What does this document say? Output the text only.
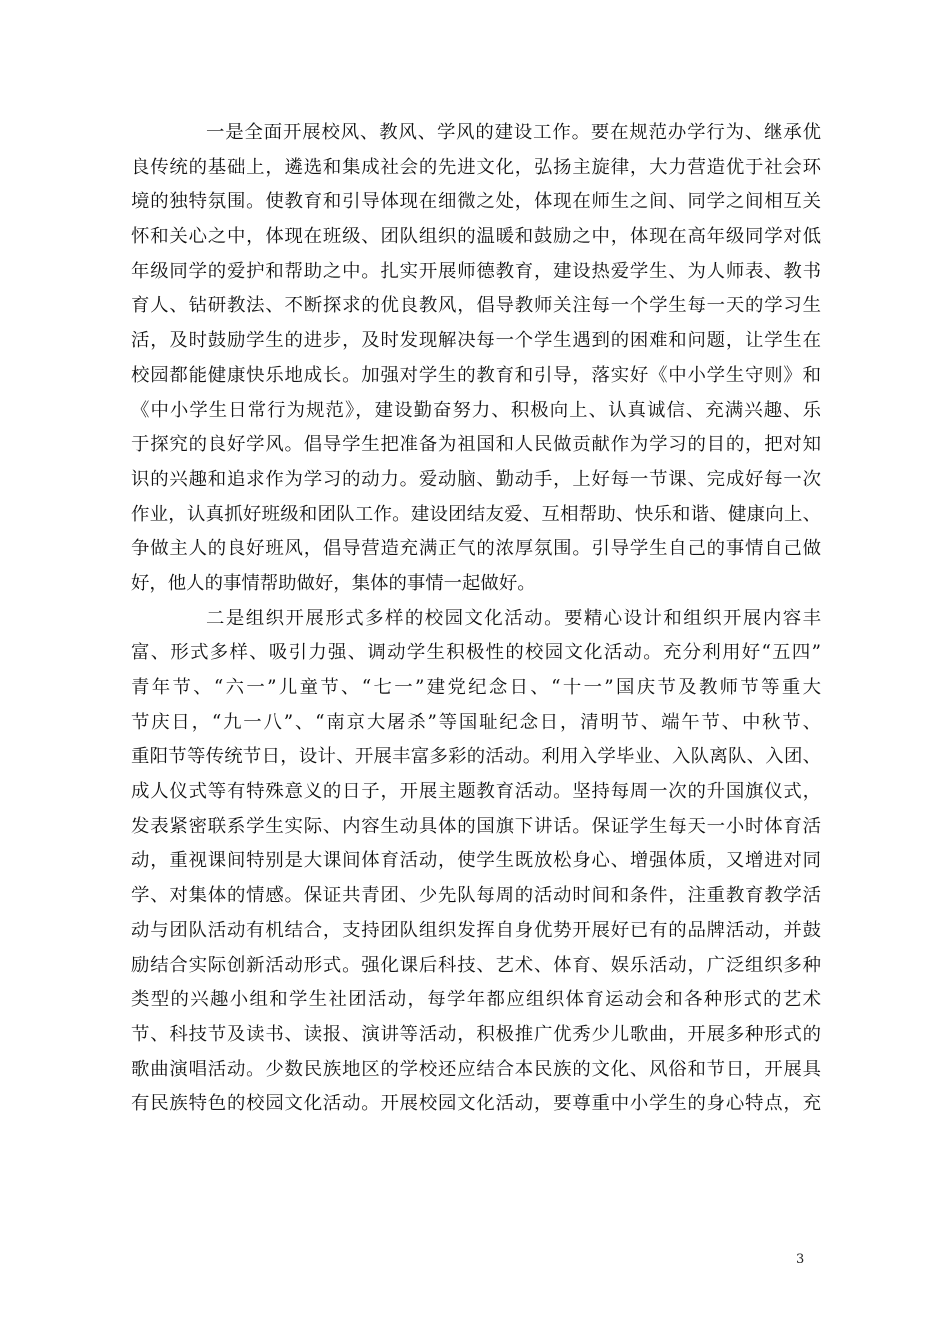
一是全面开展校风、教风、学风的建设工作。要在规范办学行为、继承优
良传统的基础上，遴选和集成社会的先进文化，弘扬主旋律，大力营造优于社会环
境的独特氛围。使教育和引导体现在细微之处，体现在师生之间、同学之间相互关
怀和关心之中，体现在班级、团队组织的温暖和鼓励之中，体现在高年级同学对低
年级同学的爱护和帮助之中。扎实开展师德教育，建设热爱学生、为人师表、教书
育人、钻研教法、不断探求的优良教风，倡导教师关注每一个学生每一天的学习生
活，及时鼓励学生的进步，及时发现解决每一个学生遇到的困难和问题，让学生在
校园都能健康快乐地成长。加强对学生的教育和引导，落实好《中小学生守则》和
《中小学生日常行为规范》，建设勤奋努力、积极向上、认真诚信、充满兴趣、乐
于探究的良好学风。倡导学生把准备为祖国和人民做贡献作为学习的目的，把对知
识的兴趣和追求作为学习的动力。爱动脑、勤动手，上好每一节课、完成好每一次
作业，认真抓好班级和团队工作。建设团结友爱、互相帮助、快乐和谐、健康向上、
争做主人的良好班风，倡导营造充满正气的浓厚氛围。引导学生自己的事情自己做
好，他人的事情帮助做好，集体的事情一起做好。
二是组织开展形式多样的校园文化活动。要精心设计和组织开展内容丰
富、形式多样、吸引力强、调动学生积极性的校园文化活动。充分利用好“五四”
青年节、“六一”儿童节、“七一”建党纪念日、“十一”国庆节及教师节等重大
节庆日，“九一八”、“南京大屠杀”等国耻纪念日，清明节、端午节、中秋节、
重阳节等传统节日，设计、开展丰富多彩的活动。利用入学毕业、入队离队、入团、
成人仪式等有特殊意义的日子，开展主题教育活动。坚持每周一次的升国旗仪式，
发表紧密联系学生实际、内容生动具体的国旗下讲话。保证学生每天一小时体育活
动，重视课间特别是大课间体育活动，使学生既放松身心、增强体质，又增进对同
学、对集体的情感。保证共青团、少先队每周的活动时间和条件，注重教育教学活
动与团队活动有机结合，支持团队组织发挥自身优势开展好已有的品牌活动，并鼓
励结合实际创新活动形式。强化课后科技、艺术、体育、娱乐活动，广泛组织多种
类型的兴趣小组和学生社团活动，每学年都应组织体育运动会和各种形式的艺术
节、科技节及读书、读报、演讲等活动，积极推广优秀少儿歌曲，开展多种形式的
歌曲演唱活动。少数民族地区的学校还应结合本民族的文化、风俗和节日，开展具
有民族特色的校园文化活动。开展校园文化活动，要尊重中小学生的身心特点，充
3
